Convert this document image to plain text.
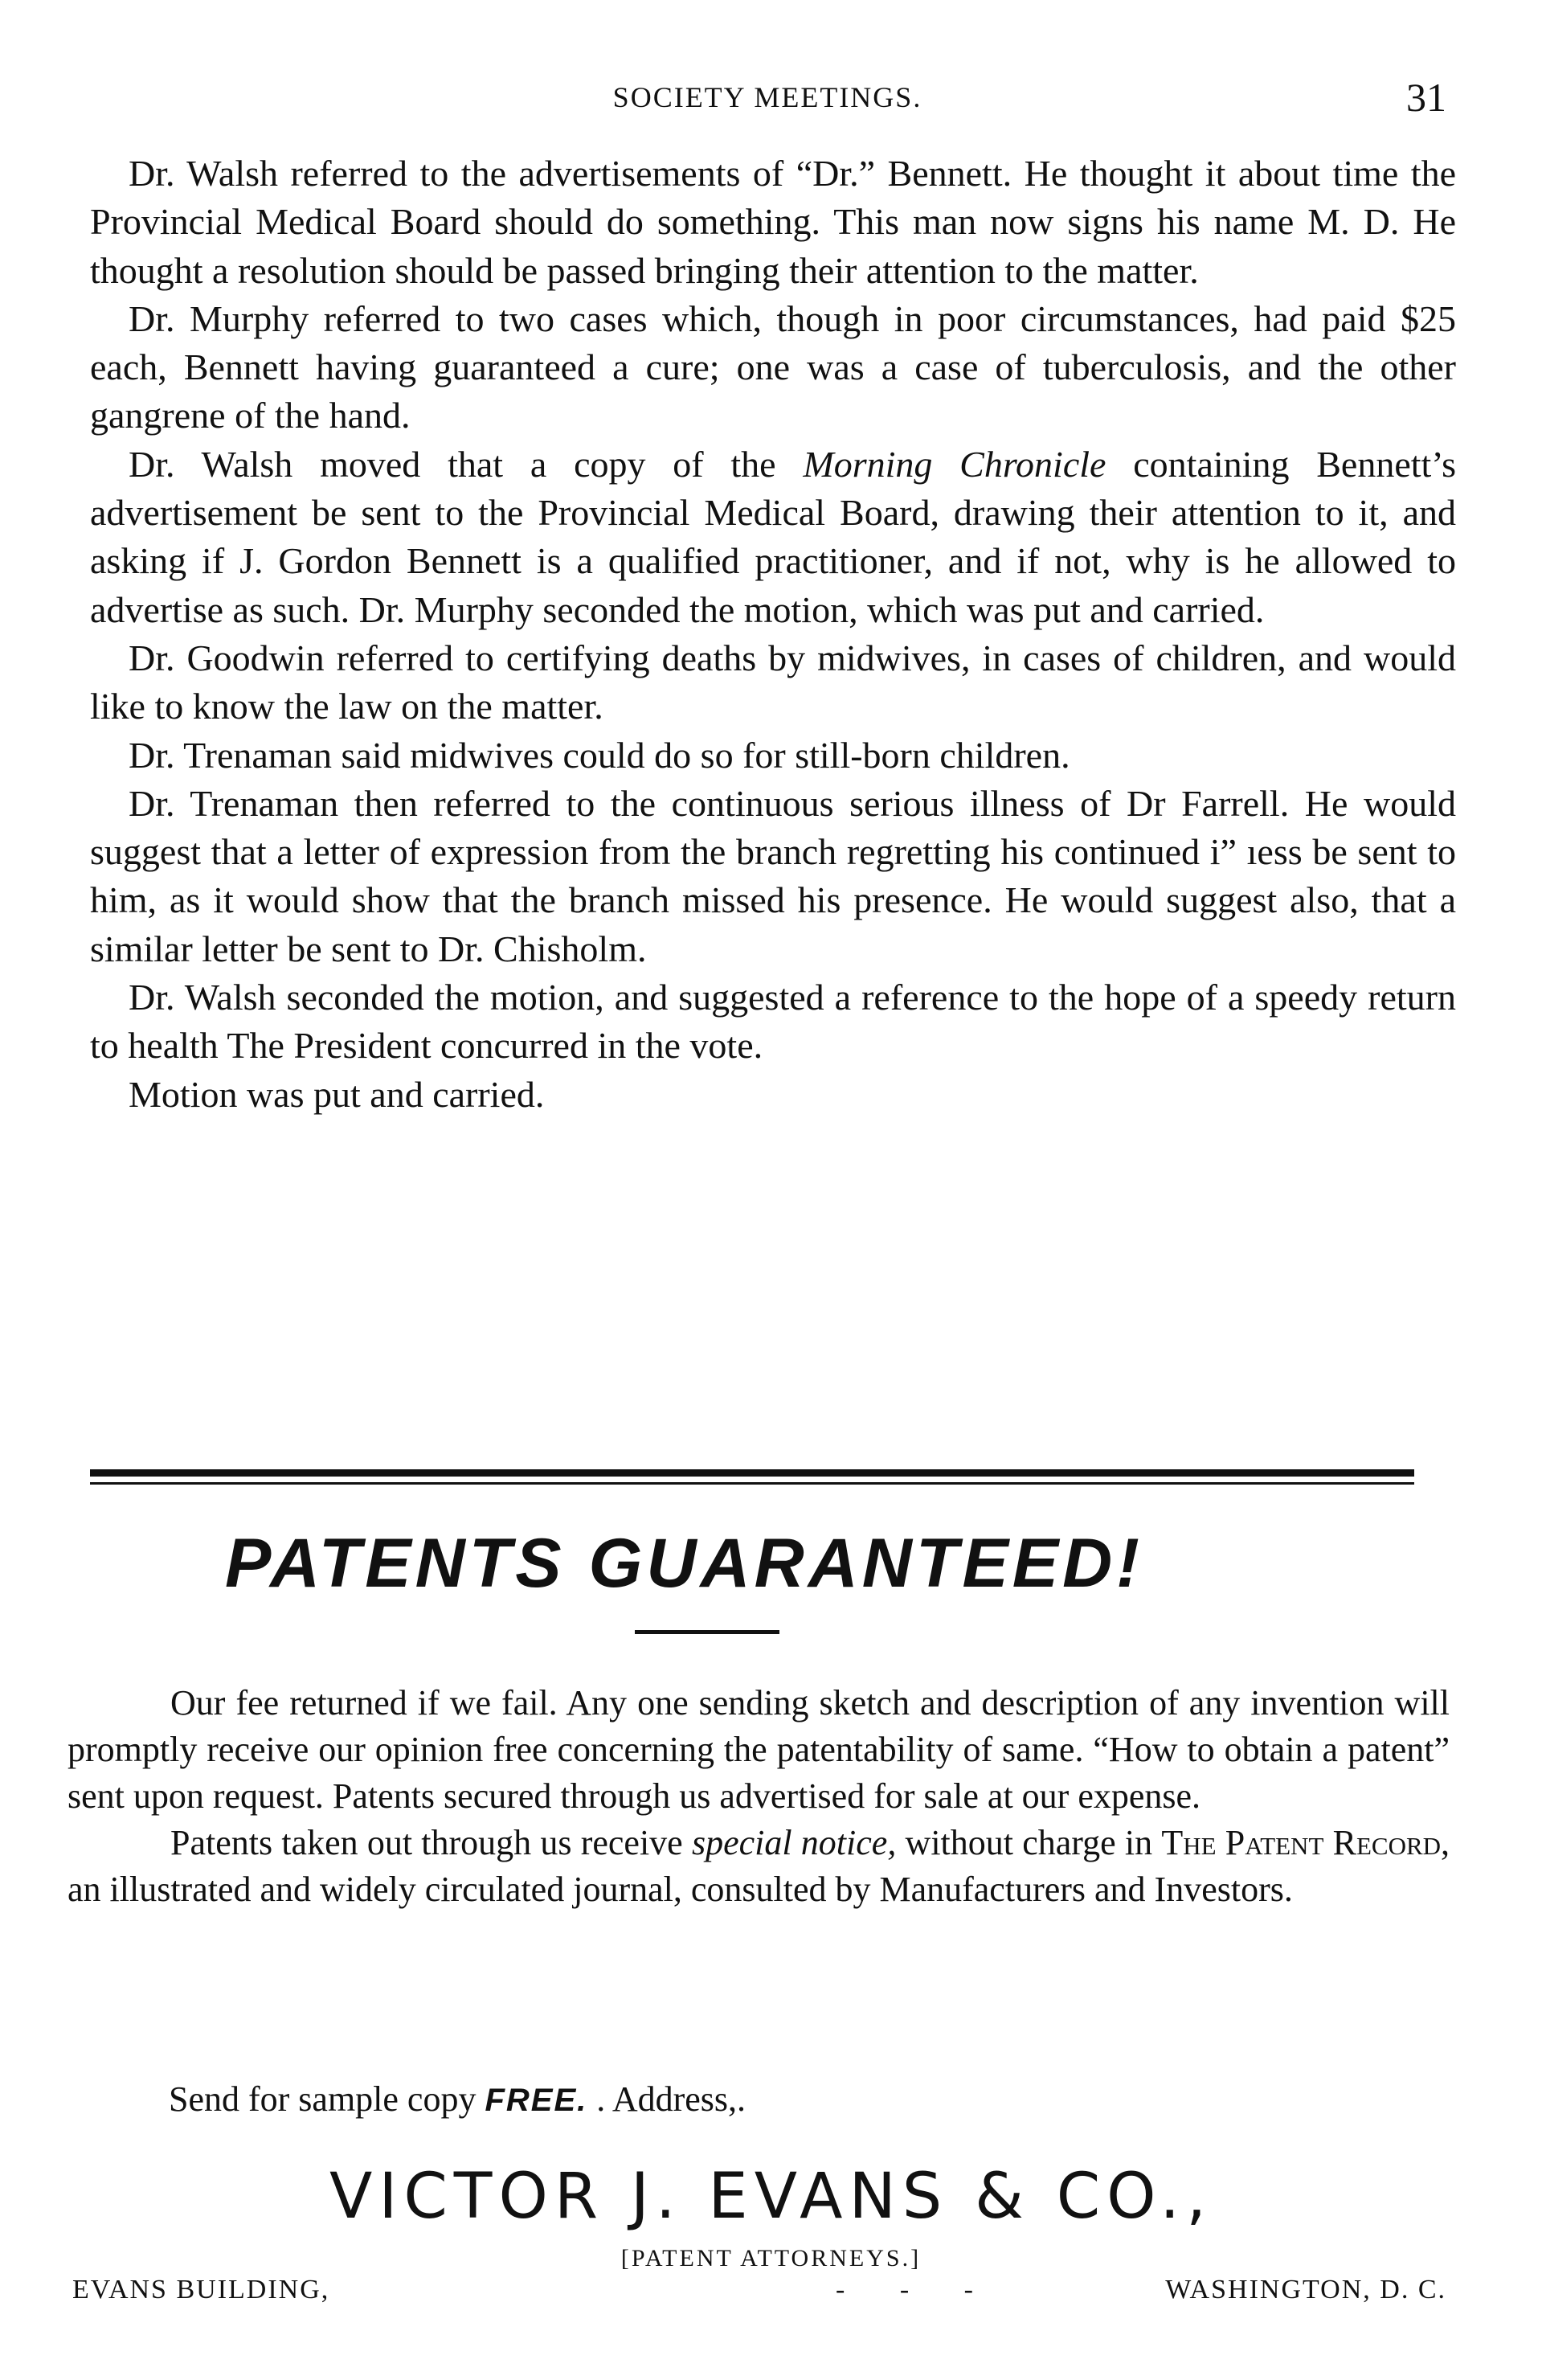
SOCIETY MEETINGS.	31

Dr. Walsh referred to the advertisements of “Dr.” Bennett. He thought it about time the Provincial Medical Board should do something. This man now signs his name M. D. He thought a resolution should be passed bringing their attention to the matter.

Dr. Murphy referred to two cases which, though in poor circumstances, had paid $25 each, Bennett having guaranteed a cure; one was a case of tuberculosis, and the other gangrene of the hand.

Dr. Walsh moved that a copy of the Morning Chronicle containing Bennett’s advertisement be sent to the Provincial Medical Board, drawing their attention to it, and asking if J. Gordon Bennett is a qualified practitioner, and if not, why is he allowed to advertise as such. Dr. Murphy seconded the motion, which was put and carried.

Dr. Goodwin referred to certifying deaths by midwives, in cases of children, and would like to know the law on the matter.

Dr. Trenaman said midwives could do so for still-born children.

Dr. Trenaman then referred to the continuous serious illness of Dr Farrell. He would suggest that a letter of expression from the branch regretting his continued i” ıess be sent to him, as it would show that the branch missed his presence. He would suggest also, that a similar letter be sent to Dr. Chisholm.

Dr. Walsh seconded the motion, and suggested a reference to the hope of a speedy return to health The President concurred in the vote.

Motion was put and carried.

PATENTS GUARANTEED!

Our fee returned if we fail. Any one sending sketch and description of any invention will promptly receive our opinion free concerning the patentability of same. “How to obtain a patent” sent upon request. Patents secured through us advertised for sale at our expense.

Patents taken out through us receive special notice, without charge in The Patent Record, an illustrated and widely circulated journal, consulted by Manufacturers and Investors.

Send for sample copy FREE. . Address,.
VICTOR J. EVANS & CO.,
[PATENT ATTORNEYS.]
EVANS BUILDING,	- - -	WASHINGTON, D. C.
